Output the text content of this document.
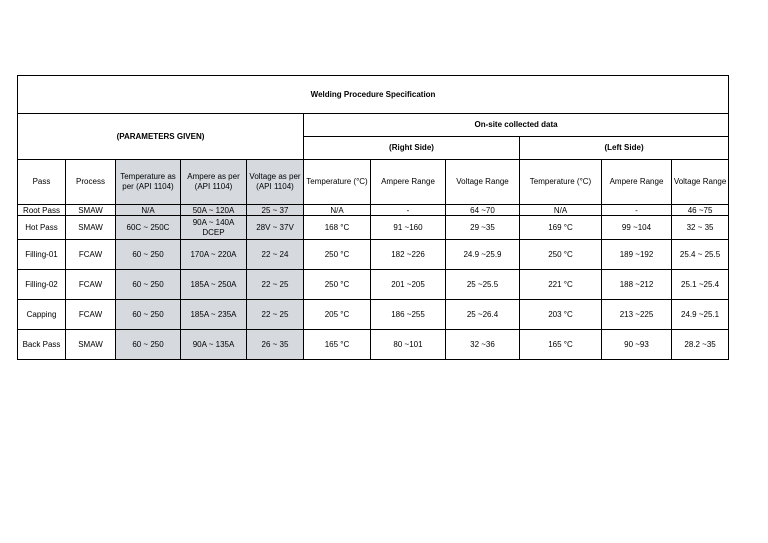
Welding Procedure Specification										
(PARAMETERS GIVEN)					On-site collected data					
					(Right Side)			(Left Side)		
Pass	Process	Temperature as per (API 1104)	Ampere as per (API 1104)	Voltage as per (API 1104)	Temperature (°C)	Ampere Range	Voltage Range	Temperature (°C)	Ampere Range	Voltage Range
Root Pass	SMAW	N/A	50A ~ 120A	25 ~ 37	N/A	-	64 ~70	N/A	-	46 ~75
Hot Pass	SMAW	60C ~ 250C	90A ~ 140A DCEP	28V ~ 37V	168 °C	91 ~160	29 ~35	169 °C	99 ~104	32 ~ 35
Filling-01	FCAW	60 ~ 250	170A ~ 220A	22 ~ 24	250 °C	182 ~226	24.9 ~25.9	250 °C	189 ~192	25.4 ~ 25.5
Filling-02	FCAW	60 ~ 250	185A ~ 250A	22 ~ 25	250 °C	201 ~205	25 ~25.5	221 °C	188 ~212	25.1 ~25.4
Capping	FCAW	60 ~ 250	185A ~ 235A	22 ~ 25	205 °C	186 ~255	25 ~26.4	203 °C	213 ~225	24.9 ~25.1
Back Pass	SMAW	60 ~ 250	90A ~ 135A	26 ~ 35	165 °C	80 ~101	32 ~36	165 °C	90 ~93	28.2 ~35
